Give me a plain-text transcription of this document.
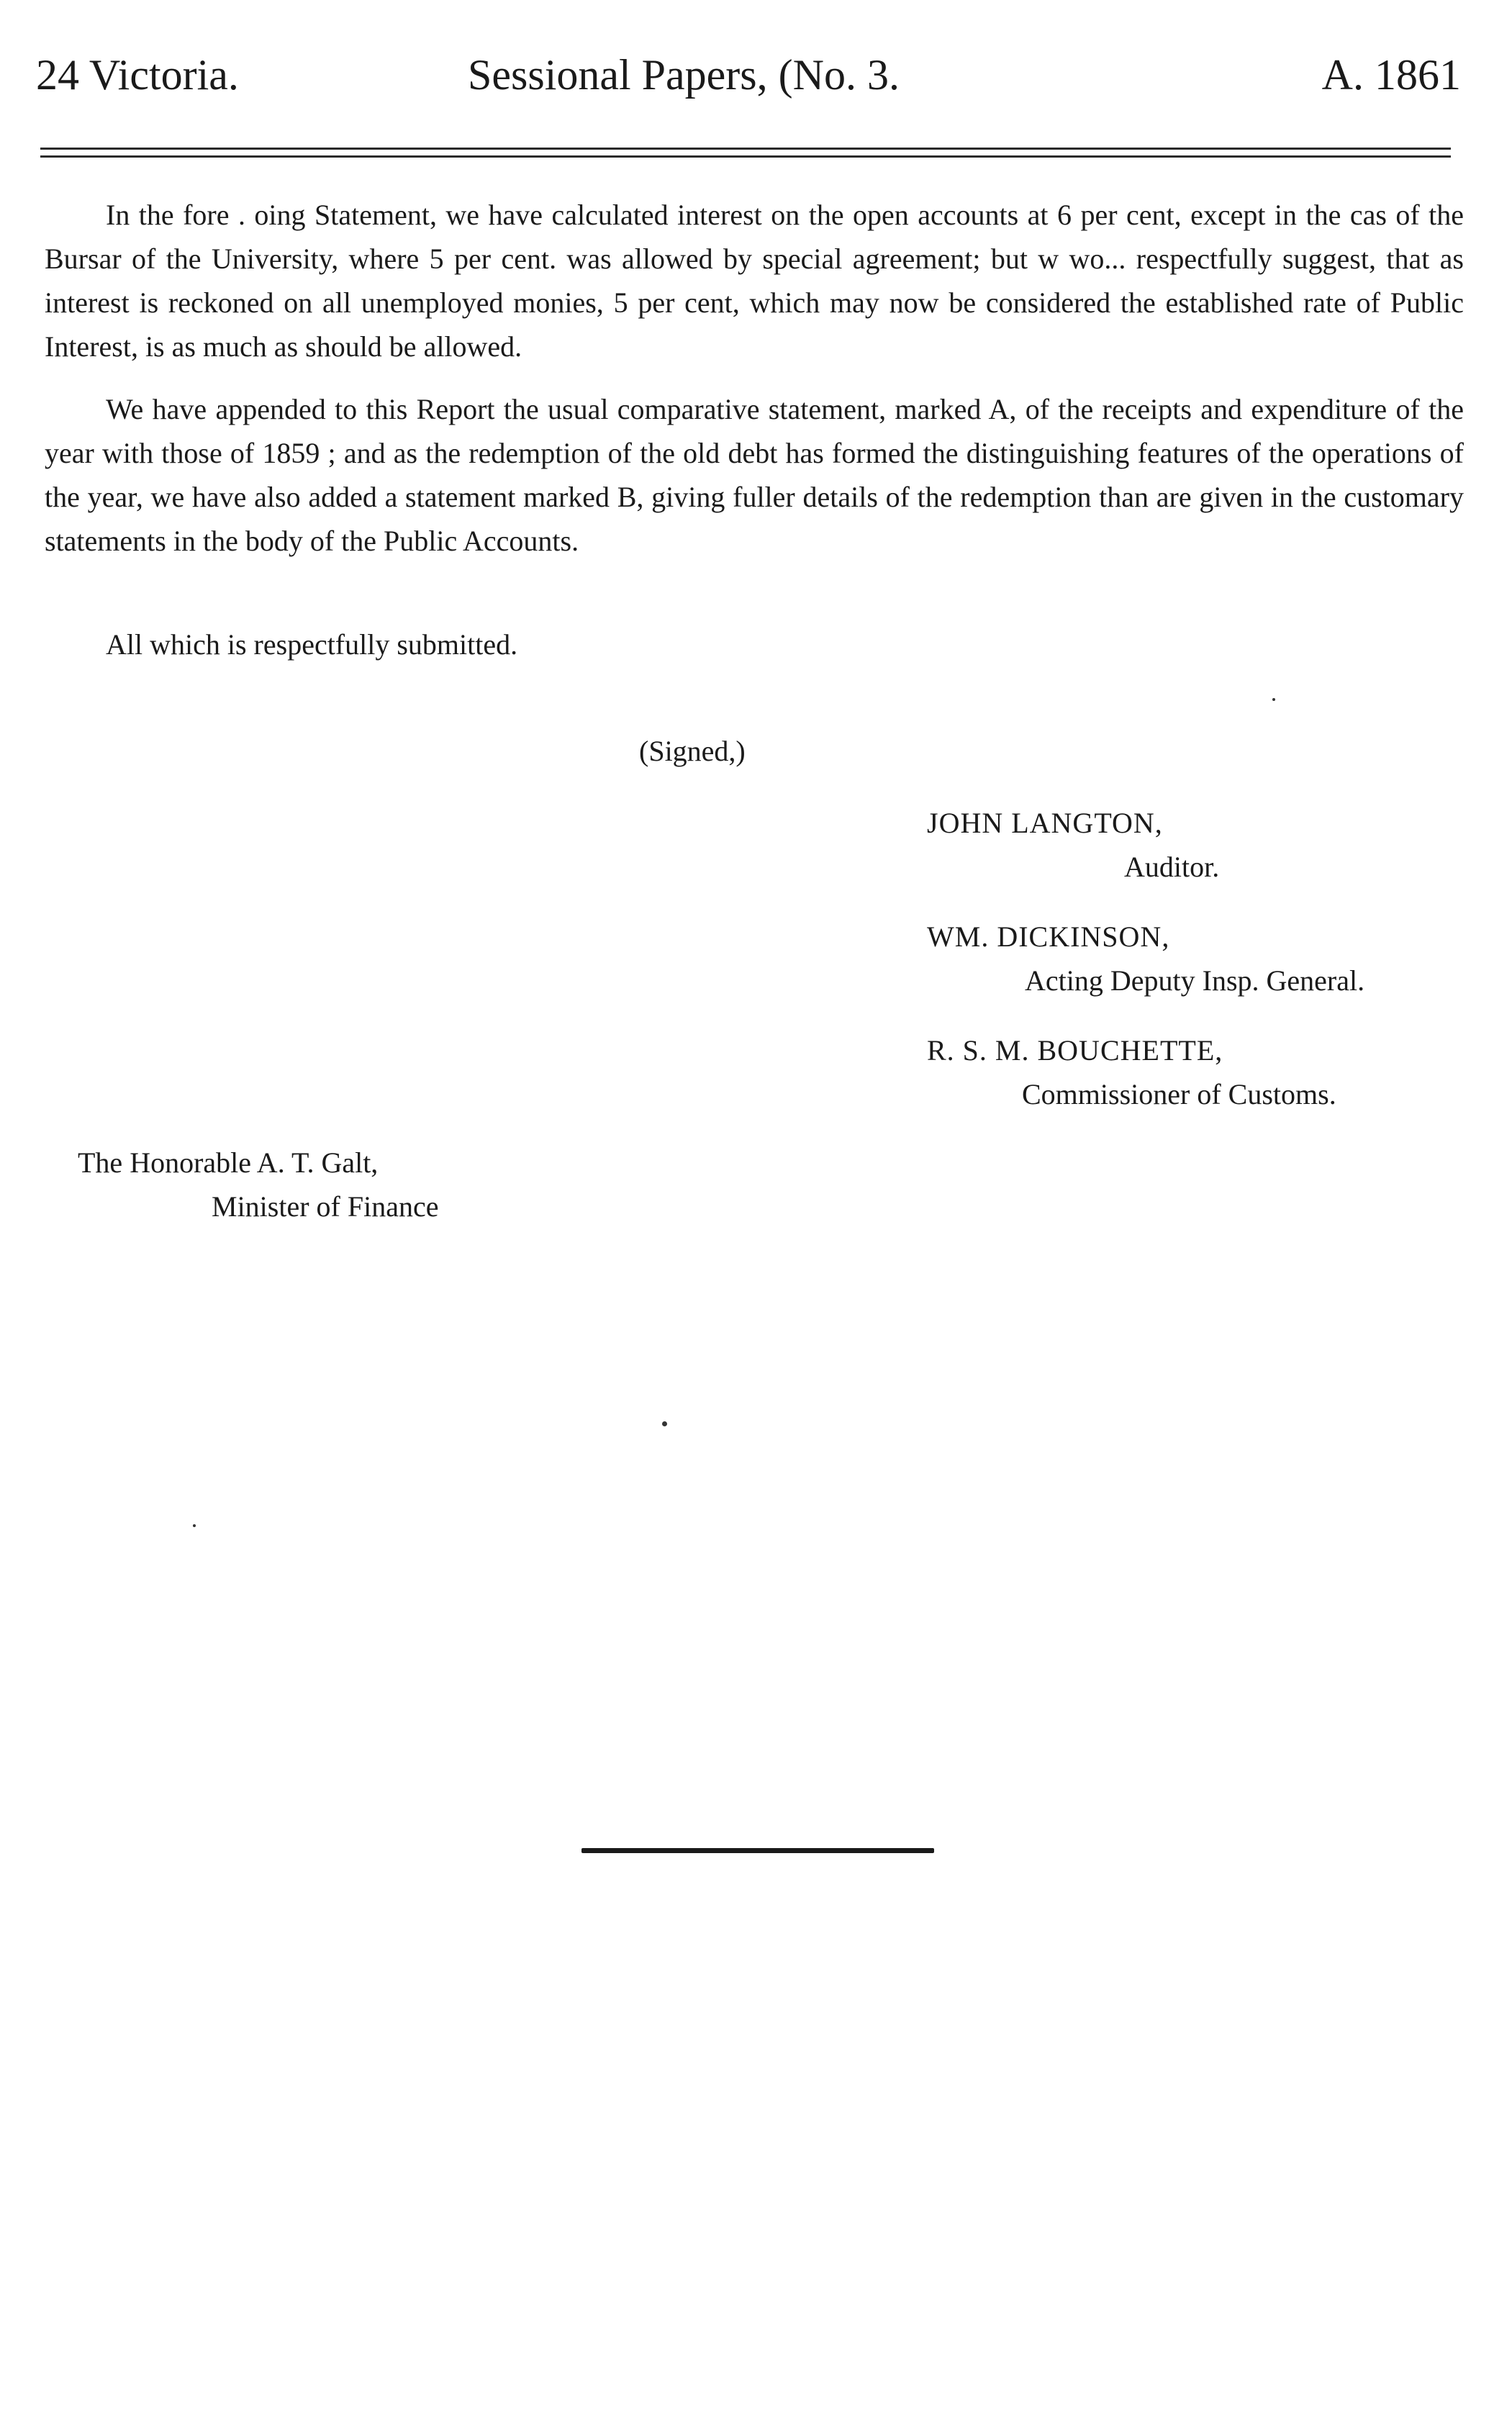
24 Victoria.	Sessional Papers, (No. 3.	A. 1861

In the fore . oing Statement, we have calculated interest on the open accounts at 6 per cent, except in the cas of the Bursar of the University, where 5 per cent. was allowed by special agreement; but w wo... respectfully suggest, that as interest is reckoned on all unemployed monies, 5 per cent, which may now be considered the established rate of Public Interest, is as much as should be allowed.

We have appended to this Report the usual comparative statement, marked A, of the receipts and expenditure of the year with those of 1859 ; and as the redemption of the old debt has formed the distinguishing features of the operations of the year, we have also added a statement marked B, giving fuller details of the redemption than are given in the customary statements in the body of the Public Accounts.

All which is respectfully submitted.

(Signed,)
JOHN LANGTON,
Auditor.
WM. DICKINSON,
Acting Deputy Insp. General.
R. S. M. BOUCHETTE,
Commissioner of Customs.
The Honorable A. T. Galt,
Minister of Finance
